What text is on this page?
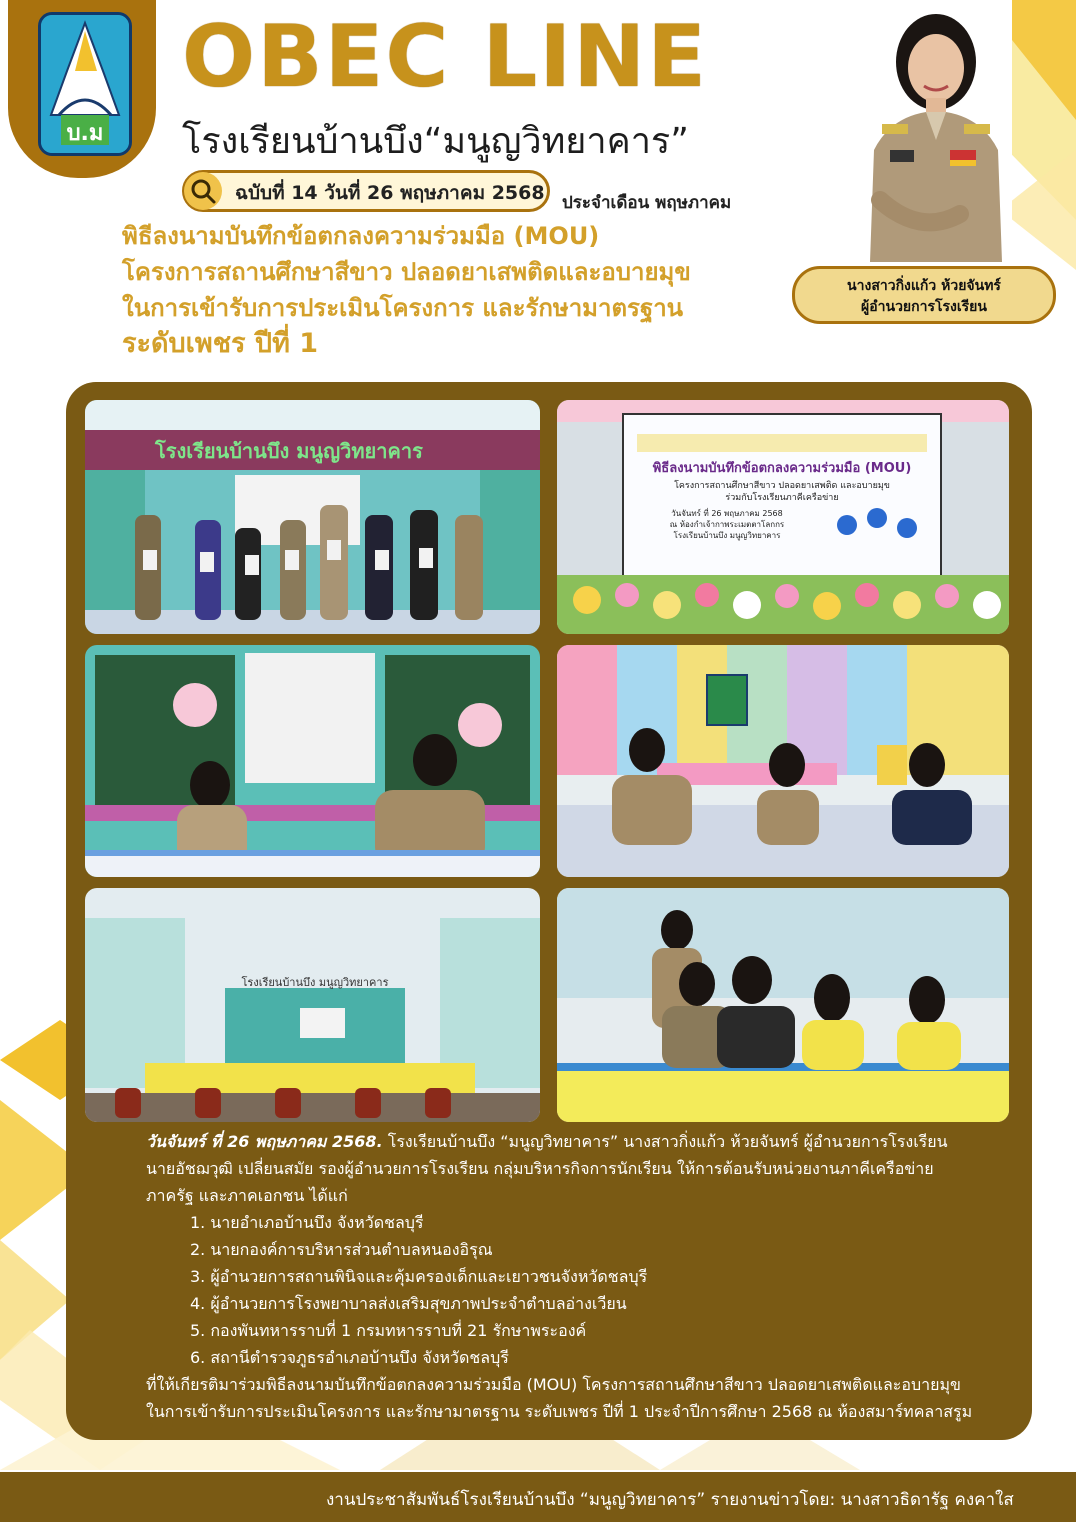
บ.ม
OBEC LINE
โรงเรียนบ้านบึง“มนูญวิทยาคาร”
ฉบับที่ 14 วันที่ 26 พฤษภาคม 2568 ประจำเดือน พฤษภาคม
พิธีลงนามบันทึกข้อตกลงความร่วมมือ (MOU)
โครงการสถานศึกษาสีขาว ปลอดยาเสพติดและอบายมุข
ในการเข้ารับการประเมินโครงการ และรักษามาตรฐาน
ระดับเพชร ปีที่ 1
นางสาวกิ่งแก้ว ห้วยจันทร์
ผู้อำนวยการโรงเรียน
โรงเรียนบ้านบึง มนูญวิทยาคาร
พิธีลงนามบันทึกข้อตกลงความร่วมมือ (MOU)
โครงการสถานศึกษาสีขาว ปลอดยาเสพติด และอบายมุข
ร่วมกับโรงเรียนภาคีเครือข่าย
วันจันทร์ ที่ 26 พฤษภาคม 2568
ณ ห้องกำเจ้ากาพระเมตตาโลกกร
โรงเรียนบ้านบึง มนูญวิทยาคาร
โรงเรียนบ้านบึง มนูญวิทยาคาร
วันจันทร์ ที่ 26 พฤษภาคม 2568. โรงเรียนบ้านบึง “มนูญวิทยาคาร” นางสาวกิ่งแก้ว ห้วยจันทร์ ผู้อำนวยการโรงเรียน
นายอัชฌวุฒิ เปลี่ยนสมัย รองผู้อำนวยการโรงเรียน กลุ่มบริหารกิจการนักเรียน ให้การต้อนรับหน่วยงานภาคีเครือข่าย
ภาครัฐ และภาคเอกชน ได้แก่
1. นายอำเภอบ้านบึง จังหวัดชลบุรี
2. นายกองค์การบริหารส่วนตำบลหนองอิรุณ
3. ผู้อำนวยการสถานพินิจและคุ้มครองเด็กและเยาวชนจังหวัดชลบุรี
4. ผู้อำนวยการโรงพยาบาลส่งเสริมสุขภาพประจำตำบลอ่างเวียน
5. กองพันทหารราบที่ 1 กรมทหารราบที่ 21 รักษาพระองค์
6. สถานีตำรวจภูธรอำเภอบ้านบึง จังหวัดชลบุรี
ที่ให้เกียรติมาร่วมพิธีลงนามบันทึกข้อตกลงความร่วมมือ (MOU) โครงการสถานศึกษาสีขาว ปลอดยาเสพติดและอบายมุข
ในการเข้ารับการประเมินโครงการ และรักษามาตรฐาน ระดับเพชร ปีที่ 1 ประจำปีการศึกษา 2568 ณ ห้องสมาร์ทคลาสรูม
งานประชาสัมพันธ์โรงเรียนบ้านบึง “มนูญวิทยาคาร” รายงานข่าวโดย: นางสาวธิดารัฐ คงคาใส
